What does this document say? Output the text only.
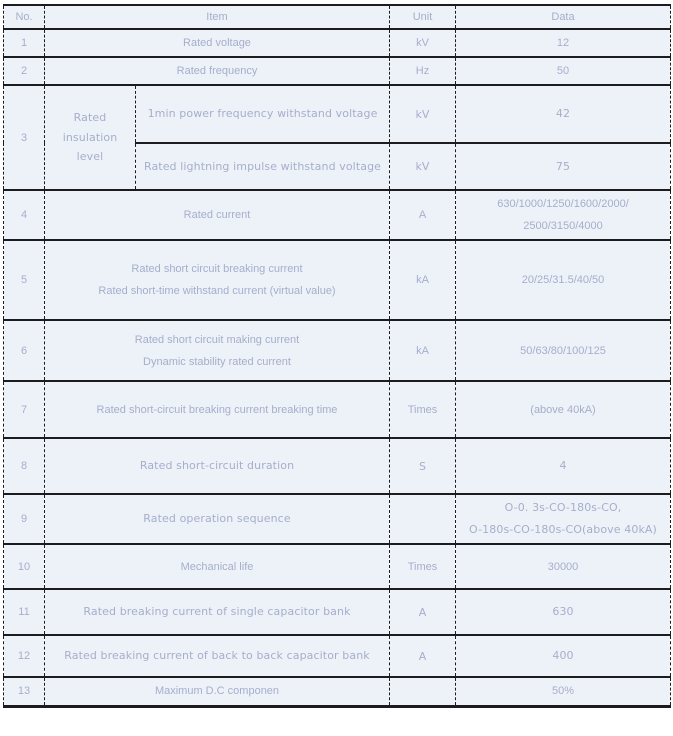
No.	Item		Unit	Data
1	Rated voltage		kV	12

2	Rated frequency		Hz	50

3	Rated insulation level	1min power frequency withstand voltage	kV	42

		Rated lightning impulse withstand voltage	kV	75

4	Rated current		A	630/1000/1250/1600/2000/
2500/3150/4000

5	Rated short circuit breaking current
Rated short-time withstand current (virtual value)		kA	20/25/31.5/40/50

6	Rated short circuit making current
Dynamic stability rated current		kA	50/63/80/100/125

7	Rated short-circuit breaking current breaking time		Times	(above 40kA)

8	Rated short-circuit duration		S	4

9	Rated operation sequence			O-0. 3s-CO-180s-CO,
O-180s-CO-180s-CO(above 40kA)

10	Mechanical life		Times	30000

11	Rated breaking current of single capacitor bank		A	630

12	Rated breaking current of back to back capacitor bank		A	400

13	Maximum D.C componen			50%
